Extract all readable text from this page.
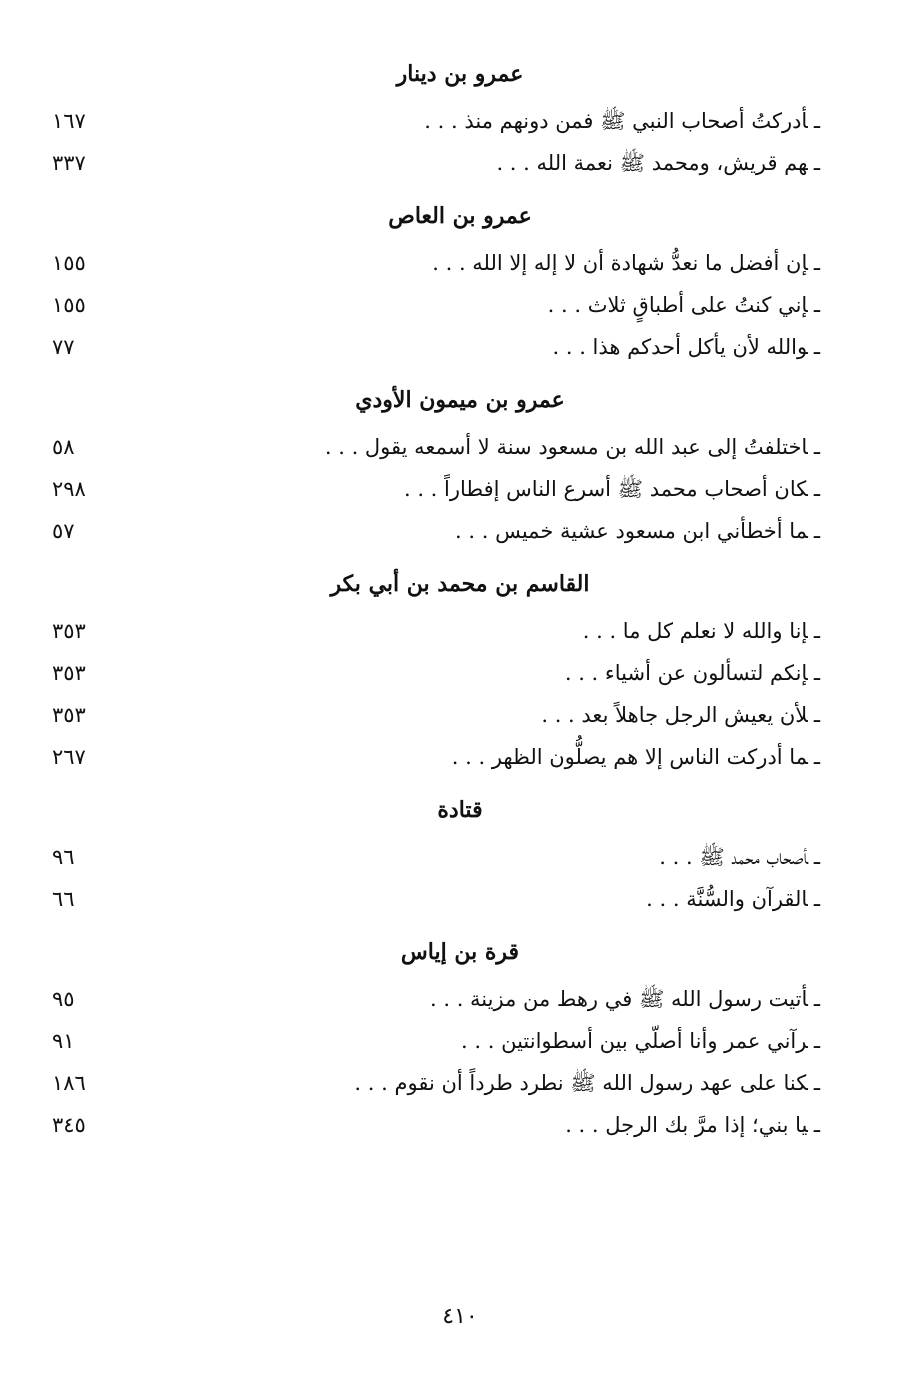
عمرو بن دينار
ـأدركتُ أصحاب النبي ﷺ فمن دونهم منذ . . .
١٦٧
ـهم قريش، ومحمد ﷺ نعمة الله . . .
٣٣٧
عمرو بن العاص
ـإن أفضل ما نعدُّ شهادة أن لا إله إلا الله . . .
١٥٥
ـإني كنتُ على أطباقٍ ثلاث . . .
١٥٥
ـوالله لأن يأكل أحدكم هذا . . .
٧٧
عمرو بن ميمون الأودي
ـاختلفتُ إلى عبد الله بن مسعود سنة لا أسمعه يقول . . .
٥٨
ـكان أصحاب محمد ﷺ أسرع الناس إفطاراً . . .
٢٩٨
ـما أخطأني ابن مسعود عشية خميس . . .
٥٧
القاسم بن محمد بن أبي بكر
ـإنا والله لا نعلم كل ما . . .
٣٥٣
ـإنكم لتسألون عن أشياء . . .
٣٥٣
ـلأن يعيش الرجل جاهلاً بعد . . .
٣٥٣
ـما أدركت الناس إلا هم يصلُّون الظهر . . .
٢٦٧
قتادة
ـأصحاب محمد ﷺ . . .
٩٦
ـالقرآن والسُّنَّة . . .
٦٦
قرة بن إياس
ـأتيت رسول الله ﷺ في رهط من مزينة . . .
٩٥
ـرآني عمر وأنا أصلّي بين أسطوانتين . . .
٩١
ـكنا على عهد رسول الله ﷺ نطرد طرداً أن نقوم . . .
١٨٦
ـيا بني؛ إذا مرَّ بك الرجل . . .
٣٤٥
٤١٠
